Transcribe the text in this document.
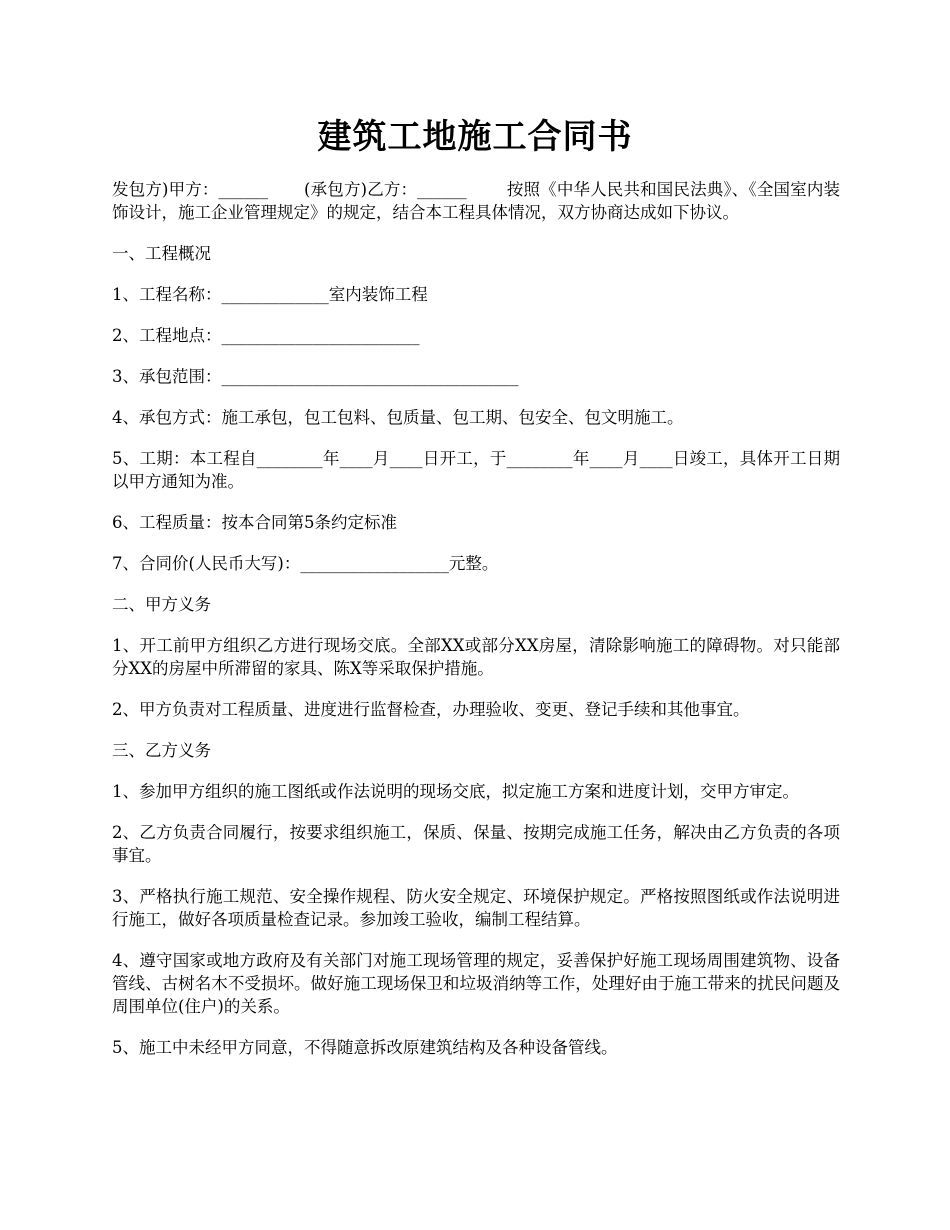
建筑工地施工合同书

发包方)甲方：______ (承包方)乙方：______ 按照《中华人民共和国民法典》、《全国室内装饰设计，施工企业管理规定》的规定，结合本工程具体情况，双方协商达成如下协议。

一、工程概况

1、工程名称：_____________室内装饰工程

2、工程地点：________________________

3、承包范围：____________________________________

4、承包方式：施工承包，包工包料、包质量、包工期、包安全、包文明施工。

5、工期：本工程自________年____月____日开工，于________年____月____日竣工，具体开工日期以甲方通知为准。

6、工程质量：按本合同第5条约定标准

7、合同价(人民币大写)：__________________元整。

二、甲方义务

1、开工前甲方组织乙方进行现场交底。全部XX或部分XX房屋，清除影响施工的障碍物。对只能部分XX的房屋中所滞留的家具、陈X等采取保护措施。

2、甲方负责对工程质量、进度进行监督检查，办理验收、变更、登记手续和其他事宜。

三、乙方义务

1、参加甲方组织的施工图纸或作法说明的现场交底，拟定施工方案和进度计划，交甲方审定。

2、乙方负责合同履行，按要求组织施工，保质、保量、按期完成施工任务，解决由乙方负责的各项事宜。

3、严格执行施工规范、安全操作规程、防火安全规定、环境保护规定。严格按照图纸或作法说明进行施工，做好各项质量检查记录。参加竣工验收，编制工程结算。

4、遵守国家或地方政府及有关部门对施工现场管理的规定，妥善保护好施工现场周围建筑物、设备管线、古树名木不受损坏。做好施工现场保卫和垃圾消纳等工作，处理好由于施工带来的扰民问题及周围单位(住户)的关系。

5、施工中未经甲方同意，不得随意拆改原建筑结构及各种设备管线。
